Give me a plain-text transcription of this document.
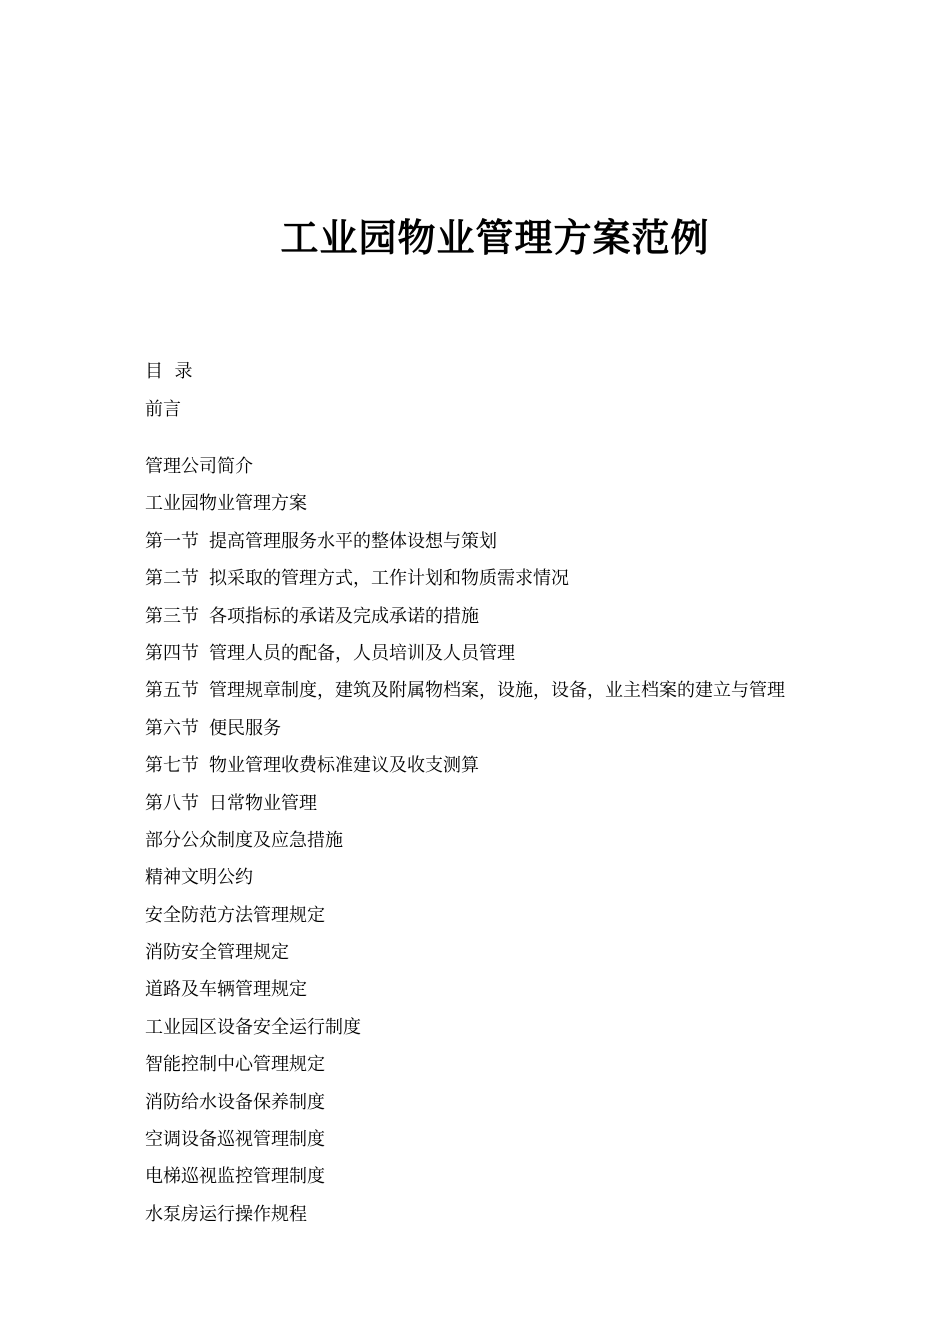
工业园物业管理方案范例

目  录

前言

管理公司简介
工业园物业管理方案
第一节 提高管理服务水平的整体设想与策划
第二节 拟采取的管理方式，工作计划和物质需求情况
第三节 各项指标的承诺及完成承诺的措施
第四节 管理人员的配备，人员培训及人员管理
第五节 管理规章制度，建筑及附属物档案，设施，设备，业主档案的建立与管理
第六节 便民服务
第七节 物业管理收费标准建议及收支测算
第八节 日常物业管理
部分公众制度及应急措施
精神文明公约
安全防范方法管理规定
消防安全管理规定
道路及车辆管理规定
工业园区设备安全运行制度
智能控制中心管理规定
消防给水设备保养制度
空调设备巡视管理制度
电梯巡视监控管理制度
水泵房运行操作规程
